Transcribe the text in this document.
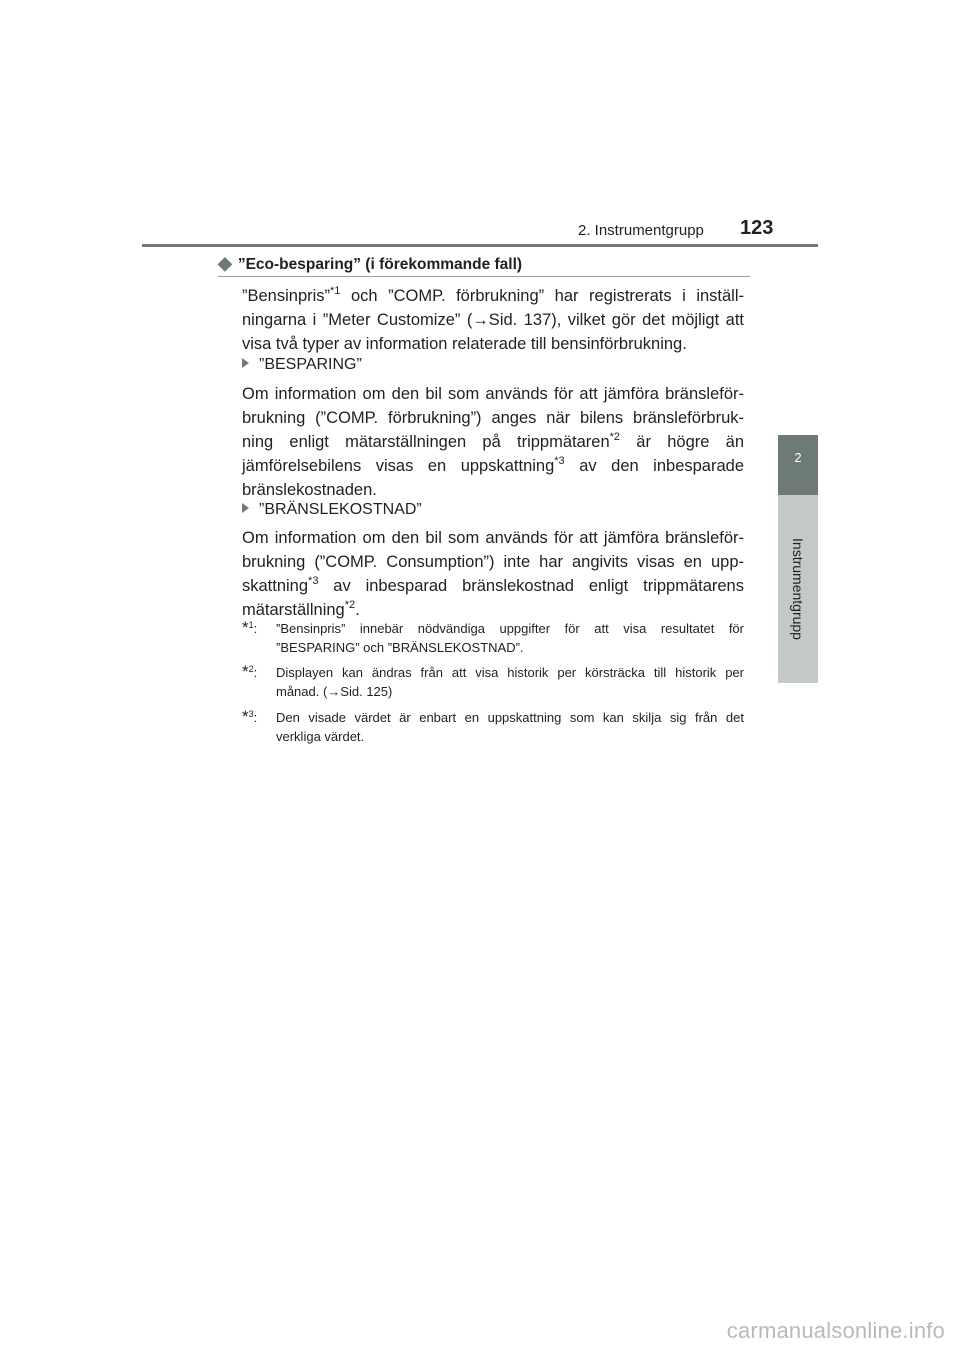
2. Instrumentgrupp 123
2
Instrumentgrupp
◆ ”Eco-besparing” (i förekommande fall)
”Bensinpris”$^{*1}$ och ”COMP. förbrukning” har registrerats i inställ-
ningarna i ”Meter Customize” (→Sid. 137), vilket gör det möjligt att
visa två typer av information relaterade till bensinförbrukning.
”BESPARING”
Om information om den bil som används för att jämföra bränsleför-
brukning (”COMP. förbrukning”) anges när bilens bränsleförbruk-
ning enligt mätarställningen på trippmätaren$^{*2}$ är högre än
jämförelsebilens visas en uppskattning$^{*3}$ av den inbesparade
bränslekostnaden.
”BRÄNSLEKOSTNAD”
Om information om den bil som används för att jämföra bränsleför-
brukning (”COMP. Consumption”) inte har angivits visas en upp-
skattning$^{*3}$ av inbesparad bränslekostnad enligt trippmätarens
mätarställning$^{*2}$.
*$^1$: ”Bensinpris” innebär nödvändiga uppgifter för att visa resultatet för
”BESPARING” och ”BRÄNSLEKOSTNAD”.
*$^2$: Displayen kan ändras från att visa historik per körsträcka till historik per
månad. (→Sid. 125)
*$^3$: Den visade värdet är enbart en uppskattning som kan skilja sig från det
verkliga värdet.
carmanualsonline.info
